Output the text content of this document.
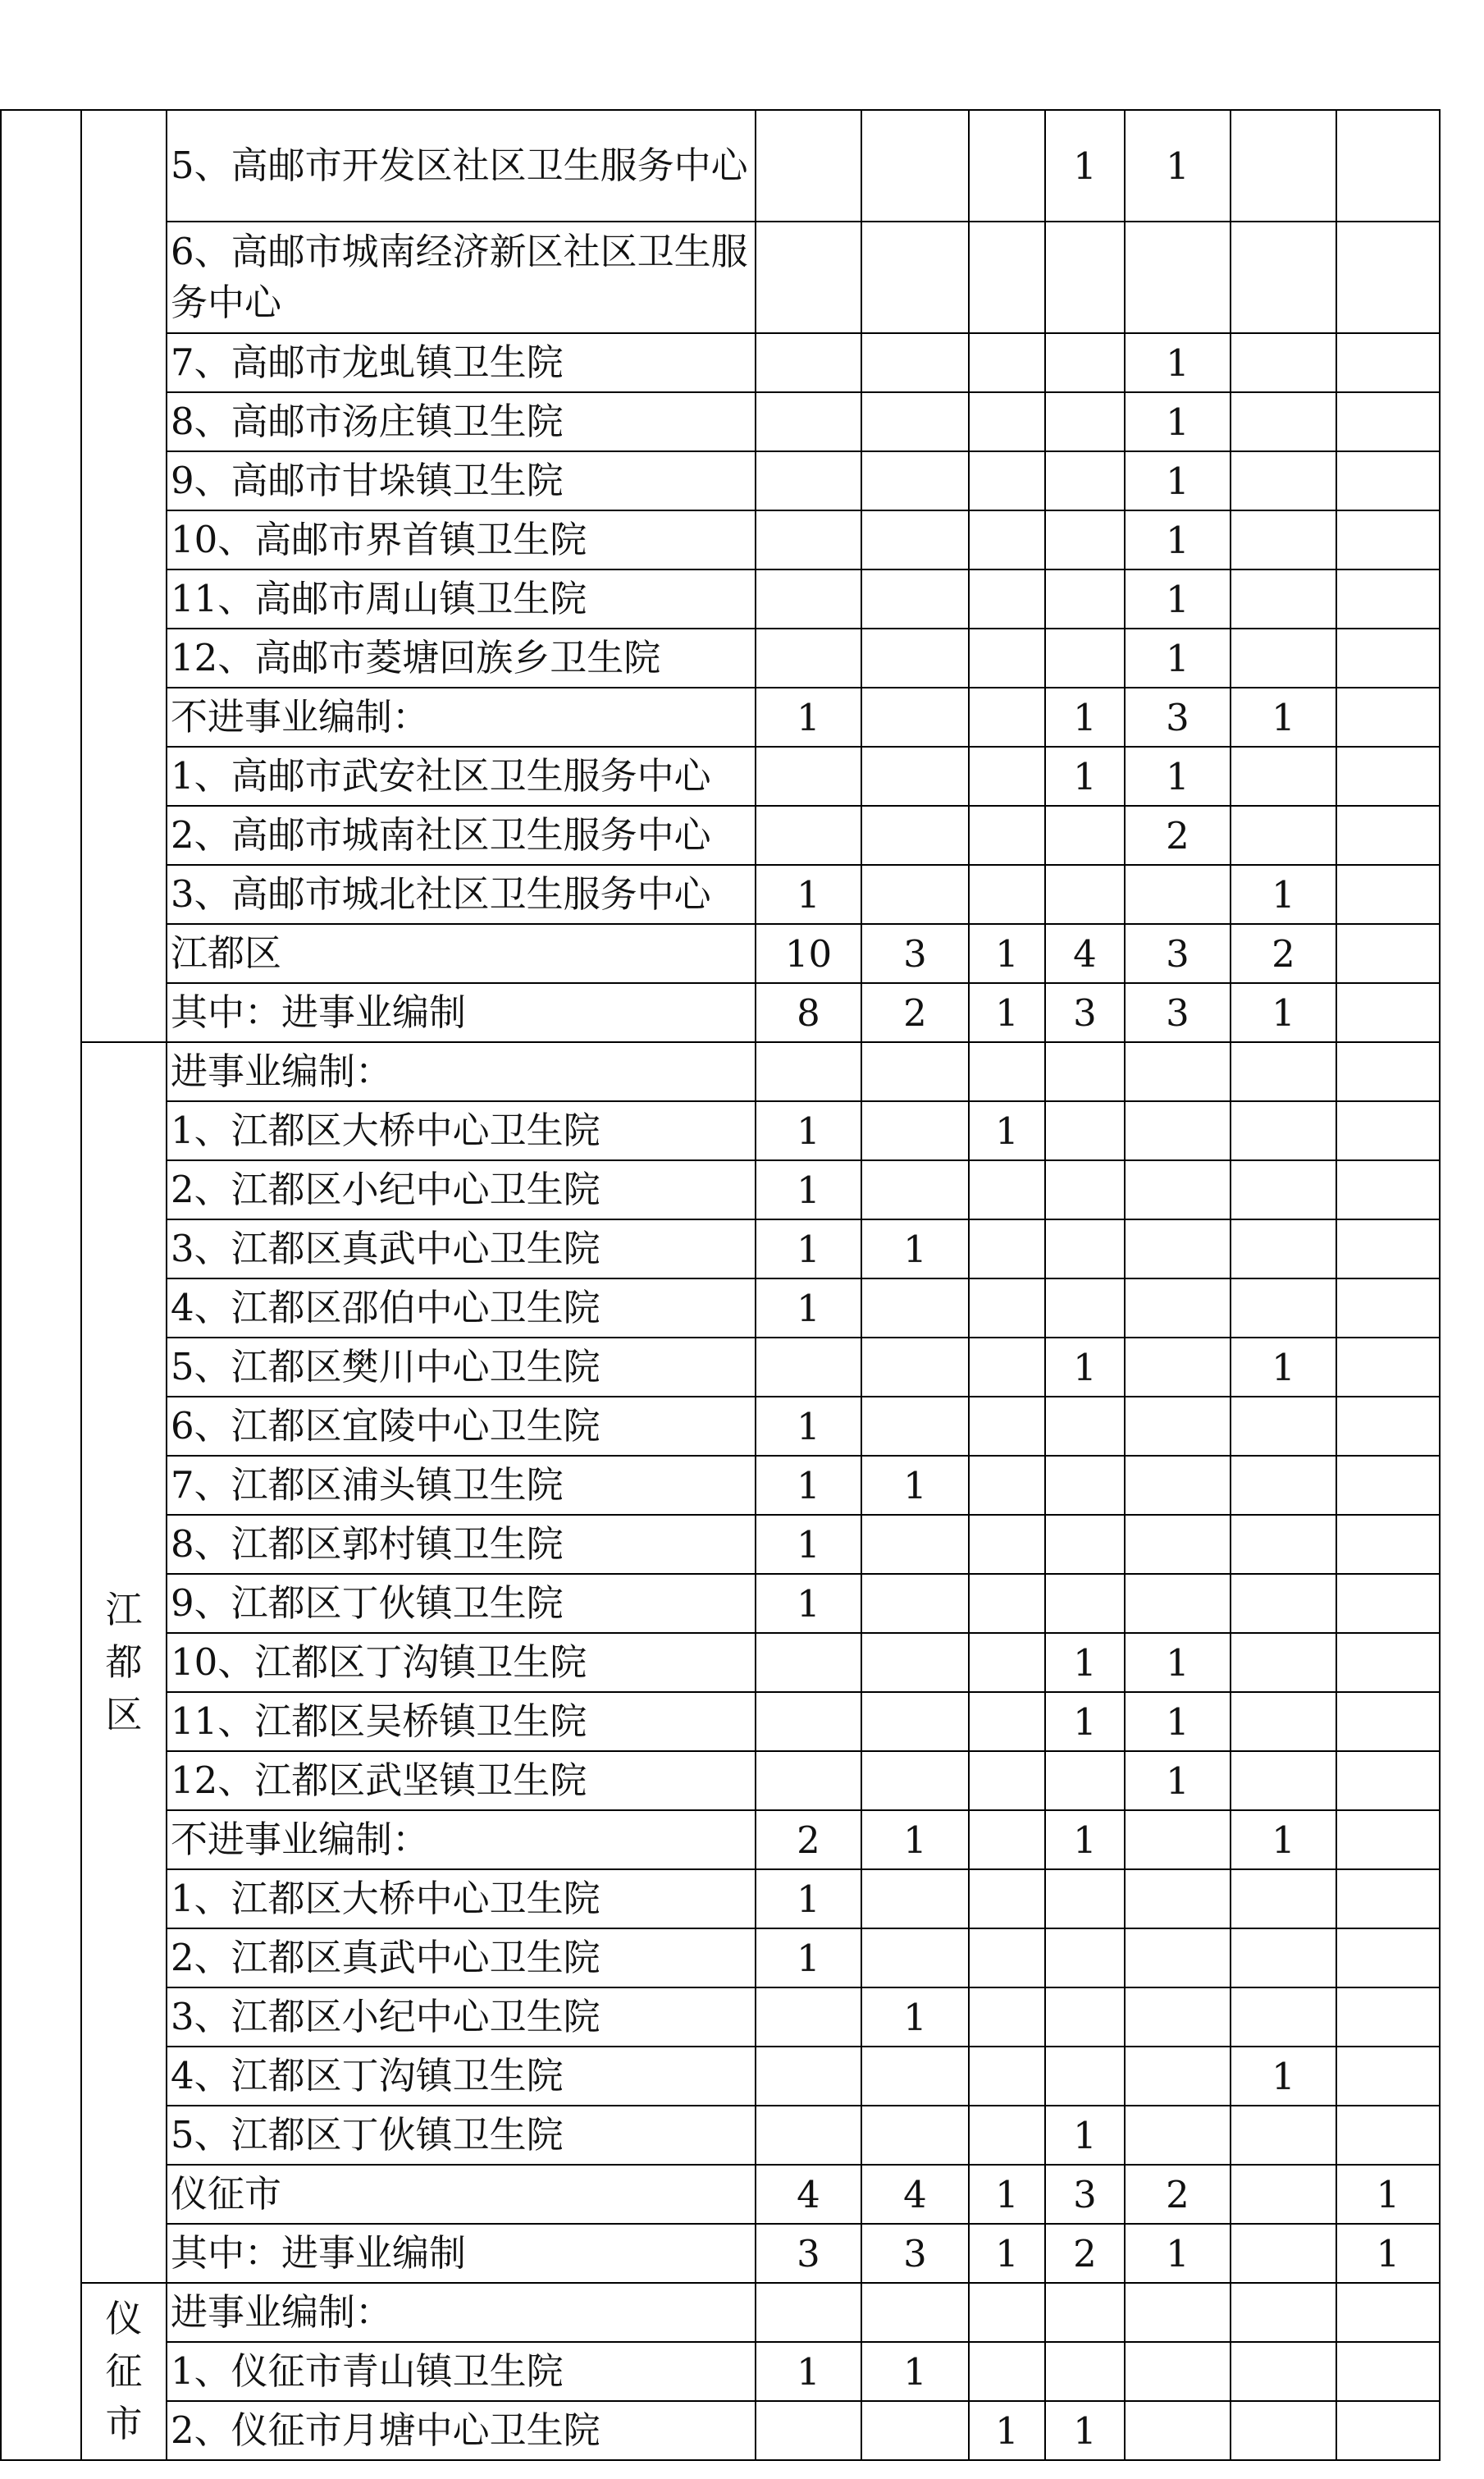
		5、高邮市开发区社区卫生服务中心				1	1		
		6、高邮市城南经济新区社区卫生服务中心							
		7、高邮市龙虬镇卫生院					1		
		8、高邮市汤庄镇卫生院					1		
		9、高邮市甘垛镇卫生院					1		
		10、高邮市界首镇卫生院					1		
		11、高邮市周山镇卫生院					1		
		12、高邮市菱塘回族乡卫生院					1		
		不进事业编制：	1			1	3	1	
		1、高邮市武安社区卫生服务中心				1	1		
		2、高邮市城南社区卫生服务中心					2		
		3、高邮市城北社区卫生服务中心	1					1	
		江都区	10	3	1	4	3	2	
		其中：进事业编制	8	2	1	3	3	1	
	江都区	进事业编制：							
		1、江都区大桥中心卫生院	1		1				
		2、江都区小纪中心卫生院	1						
		3、江都区真武中心卫生院	1	1					
		4、江都区邵伯中心卫生院	1						
		5、江都区樊川中心卫生院				1		1	
		6、江都区宜陵中心卫生院	1						
		7、江都区浦头镇卫生院	1	1					
		8、江都区郭村镇卫生院	1						
		9、江都区丁伙镇卫生院	1						
		10、江都区丁沟镇卫生院				1	1		
		11、江都区吴桥镇卫生院				1	1		
		12、江都区武坚镇卫生院					1		
		不进事业编制：	2	1		1		1	
		1、江都区大桥中心卫生院	1						
		2、江都区真武中心卫生院	1						
		3、江都区小纪中心卫生院		1					
		4、江都区丁沟镇卫生院						1	
		5、江都区丁伙镇卫生院				1			
		仪征市	4	4	1	3	2		1
		其中：进事业编制	3	3	1	2	1		1
	仪征市	进事业编制：							
		1、仪征市青山镇卫生院	1	1					
		2、仪征市月塘中心卫生院			1	1			
